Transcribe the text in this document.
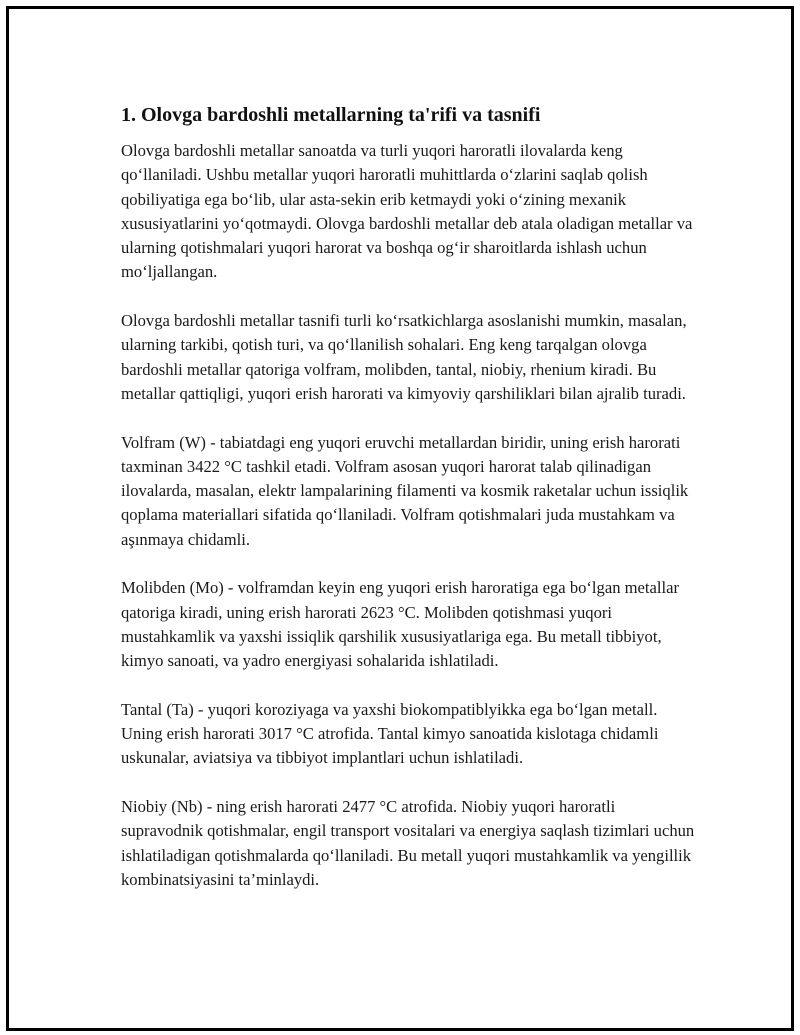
1. Olovga bardoshli metallarning ta'rifi va tasnifi

Olovga bardoshli metallar sanoatda va turli yuqori haroratli ilovalarda keng qo‘llaniladi. Ushbu metallar yuqori haroratli muhittlarda o‘zlarini saqlab qolish qobiliyatiga ega bo‘lib, ular asta-sekin erib ketmaydi yoki o‘zining mexanik xususiyatlarini yo‘qotmaydi. Olovga bardoshli metallar deb atala oladigan metallar va ularning qotishmalari yuqori harorat va boshqa og‘ir sharoitlarda ishlash uchun mo‘ljallangan.

Olovga bardoshli metallar tasnifi turli ko‘rsatkichlarga asoslanishi mumkin, masalan, ularning tarkibi, qotish turi, va qo‘llanilish sohalari. Eng keng tarqalgan olovga bardoshli metallar qatoriga volfram, molibden, tantal, niobiy, rhenium kiradi. Bu metallar qattiqligi, yuqori erish harorati va kimyoviy qarshiliklari bilan ajralib turadi.

Volfram (W) - tabiatdagi eng yuqori eruvchi metallardan biridir, uning erish harorati taxminan 3422 °C tashkil etadi. Volfram asosan yuqori harorat talab qilinadigan ilovalarda, masalan, elektr lampalarining filamenti va kosmik raketalar uchun issiqlik qoplama materiallari sifatida qo‘llaniladi. Volfram qotishmalari juda mustahkam va aşınmaya chidamli.

Molibden (Mo) - volframdan keyin eng yuqori erish haroratiga ega bo‘lgan metallar qatoriga kiradi, uning erish harorati 2623 °C. Molibden qotishmasi yuqori mustahkamlik va yaxshi issiqlik qarshilik xususiyatlariga ega. Bu metall tibbiyot, kimyo sanoati, va yadro energiyasi sohalarida ishlatiladi.

Tantal (Ta) - yuqori koroziyaga va yaxshi biokompatiblyikka ega bo‘lgan metall. Uning erish harorati 3017 °C atrofida. Tantal kimyo sanoatida kislotaga chidamli uskunalar, aviatsiya va tibbiyot implantlari uchun ishlatiladi.

Niobiy (Nb) - ning erish harorati 2477 °C atrofida. Niobiy yuqori haroratli supravodnik qotishmalar, engil transport vositalari va energiya saqlash tizimlari uchun ishlatiladigan qotishmalarda qo‘llaniladi. Bu metall yuqori mustahkamlik va yengillik kombinatsiyasini ta’minlaydi.
